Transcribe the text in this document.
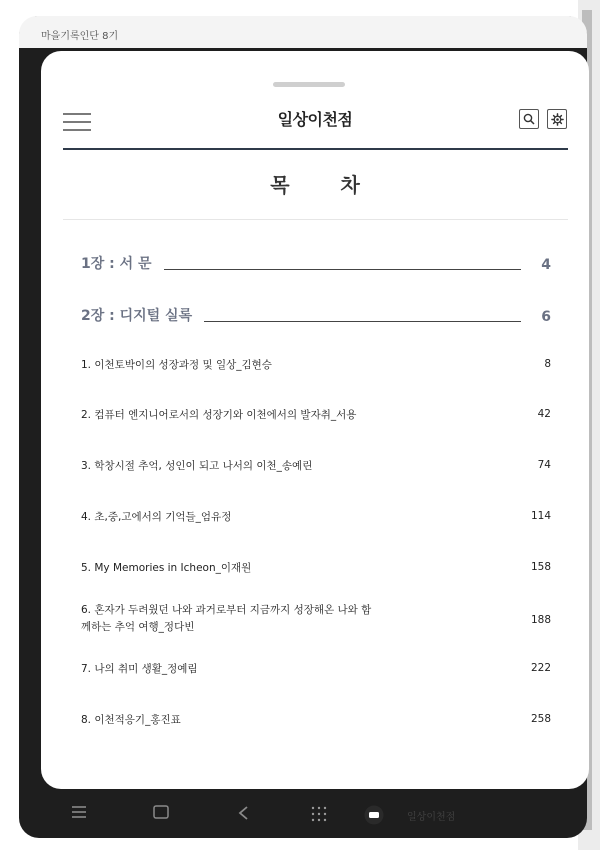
마을기록인단 8기
일상이천점
목 차
1장 : 서 문	4
2장 : 디지털 실록	6
1. 이천토박이의 성장과정 및 일상_김현승	8
2. 컴퓨터 엔지니어로서의 성장기와 이천에서의 발자취_서용	42
3. 학창시절 추억, 성인이 되고 나서의 이천_송예린	74
4. 초,중,고에서의 기억들_엄유정	114
5. My Memories in Icheon_이재원	158
6. 혼자가 두려웠던 나와 과거로부터 지금까지 성장해온 나와 함께하는 추억 여행_정다빈
188
7. 나의 취미 생활_정예림	222
8. 이천적응기_홍진표	258
일상이천점
